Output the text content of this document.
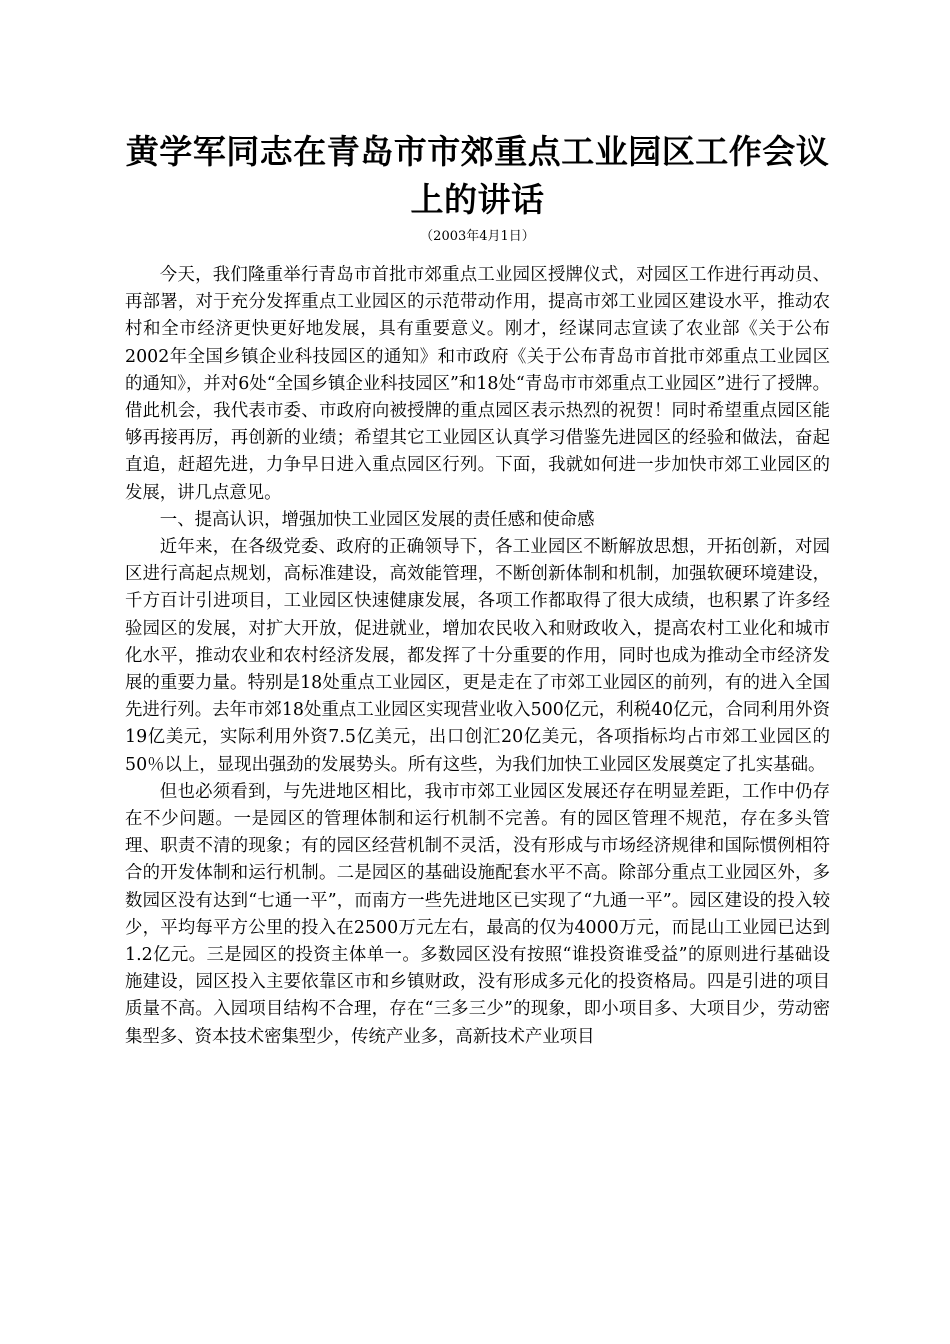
黄学军同志在青岛市市郊重点工业园区工作会议上的讲话
（2003年4月1日）

今天，我们隆重举行青岛市首批市郊重点工业园区授牌仪式，对园区工作进行再动员、再部署，对于充分发挥重点工业园区的示范带动作用，提高市郊工业园区建设水平，推动农村和全市经济更快更好地发展，具有重要意义。刚才，经谋同志宣读了农业部《关于公布2002年全国乡镇企业科技园区的通知》和市政府《关于公布青岛市首批市郊重点工业园区的通知》，并对6处“全国乡镇企业科技园区”和18处“青岛市市郊重点工业园区”进行了授牌。借此机会，我代表市委、市政府向被授牌的重点园区表示热烈的祝贺！同时希望重点园区能够再接再厉，再创新的业绩；希望其它工业园区认真学习借鉴先进园区的经验和做法，奋起直追，赶超先进，力争早日进入重点园区行列。下面，我就如何进一步加快市郊工业园区的发展，讲几点意见。

一、提高认识，增强加快工业园区发展的责任感和使命感

近年来，在各级党委、政府的正确领导下，各工业园区不断解放思想，开拓创新，对园区进行高起点规划，高标准建设，高效能管理，不断创新体制和机制，加强软硬环境建设，千方百计引进项目，工业园区快速健康发展，各项工作都取得了很大成绩，也积累了许多经验园区的发展，对扩大开放，促进就业，增加农民收入和财政收入，提高农村工业化和城市化水平，推动农业和农村经济发展，都发挥了十分重要的作用，同时也成为推动全市经济发展的重要力量。特别是18处重点工业园区，更是走在了市郊工业园区的前列，有的进入全国先进行列。去年市郊18处重点工业园区实现营业收入500亿元，利税40亿元，合同利用外资19亿美元，实际利用外资7.5亿美元，出口创汇20亿美元，各项指标均占市郊工业园区的50％以上，显现出强劲的发展势头。所有这些，为我们加快工业园区发展奠定了扎实基础。

但也必须看到，与先进地区相比，我市市郊工业园区发展还存在明显差距，工作中仍存在不少问题。一是园区的管理体制和运行机制不完善。有的园区管理不规范，存在多头管理、职责不清的现象；有的园区经营机制不灵活，没有形成与市场经济规律和国际惯例相符合的开发体制和运行机制。二是园区的基础设施配套水平不高。除部分重点工业园区外，多数园区没有达到“七通一平”，而南方一些先进地区已实现了“九通一平”。园区建设的投入较少，平均每平方公里的投入在2500万元左右，最高的仅为4000万元，而昆山工业园已达到1.2亿元。三是园区的投资主体单一。多数园区没有按照“谁投资谁受益”的原则进行基础设施建设，园区投入主要依靠区市和乡镇财政，没有形成多元化的投资格局。四是引进的项目质量不高。入园项目结构不合理，存在“三多三少”的现象，即小项目多、大项目少，劳动密集型多、资本技术密集型少，传统产业多，高新技术产业项目
